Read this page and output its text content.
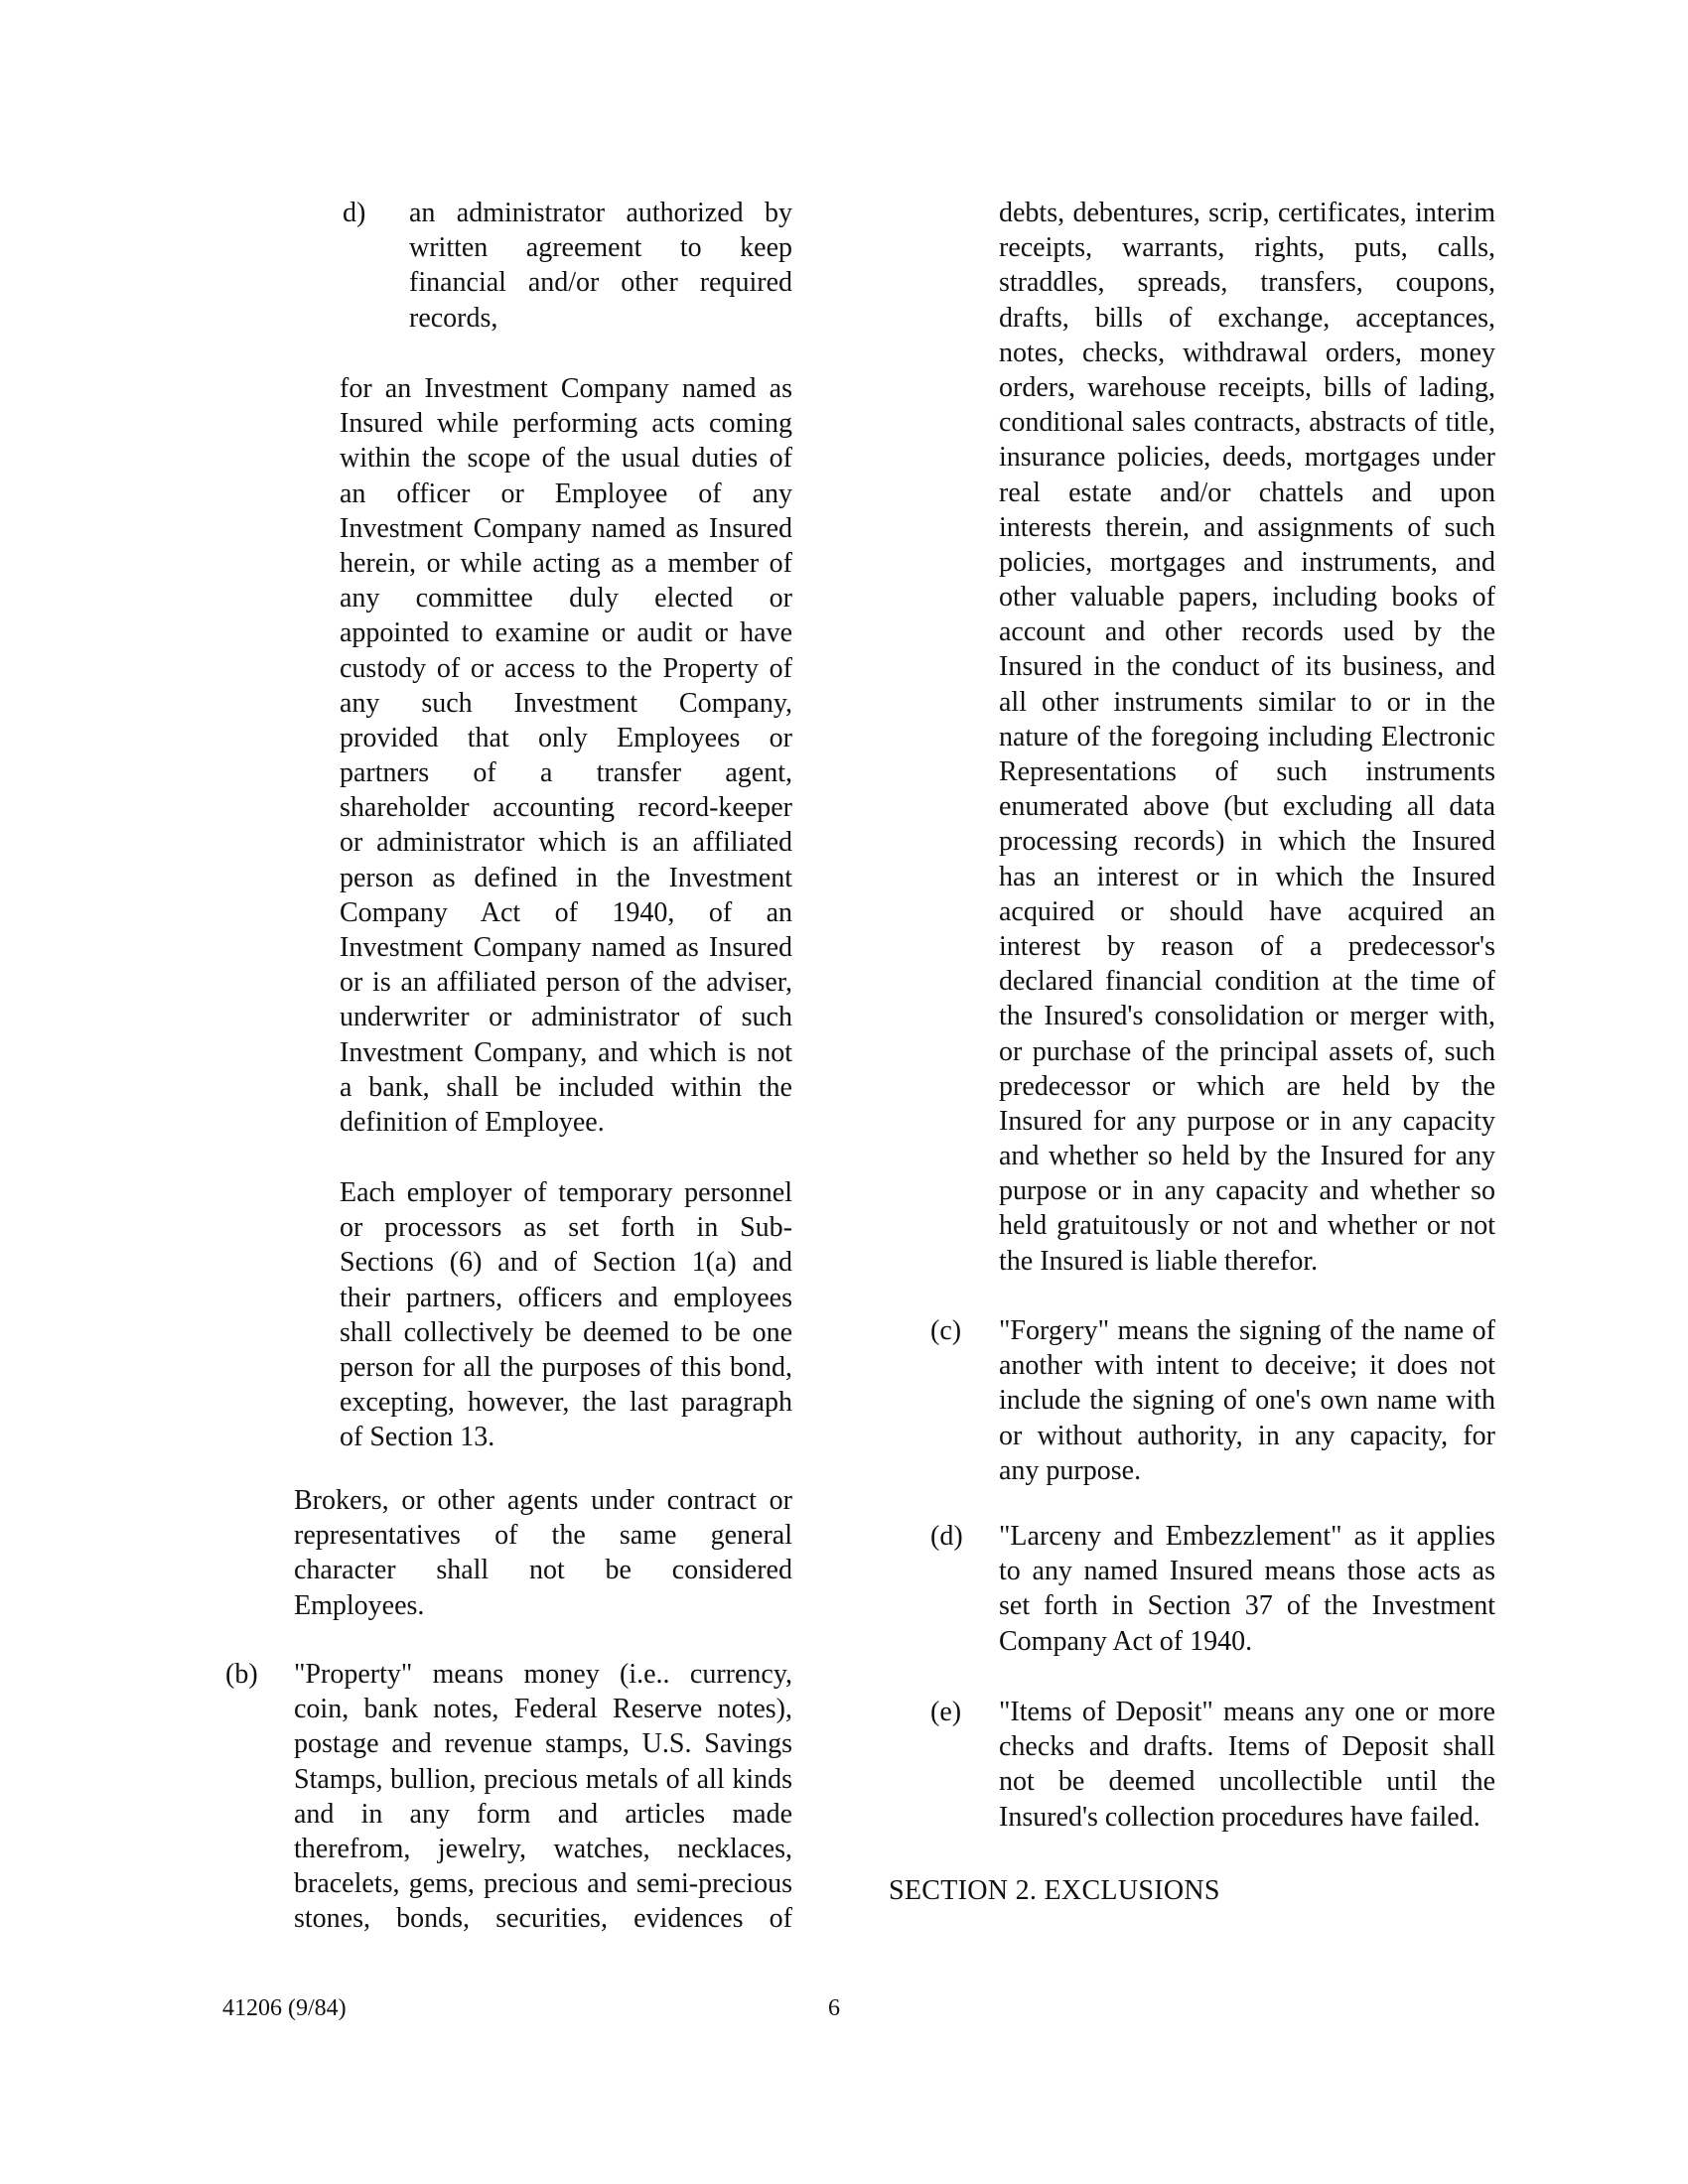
d) an administrator authorized by
written agreement to keep
financial and/or other required
records,
for an Investment Company named as
Insured while performing acts coming
within the scope of the usual duties of
an officer or Employee of any
Investment Company named as Insured
herein, or while acting as a member of
any committee duly elected or
appointed to examine or audit or have
custody of or access to the Property of
any such Investment Company,
provided that only Employees or
partners of a transfer agent,
shareholder accounting record-keeper
or administrator which is an affiliated
person as defined in the Investment
Company Act of 1940, of an
Investment Company named as Insured
or is an affiliated person of the adviser,
underwriter or administrator of such
Investment Company, and which is not
a bank, shall be included within the
definition of Employee.
Each employer of temporary personnel
or processors as set forth in Sub-
Sections (6) and of Section 1(a) and
their partners, officers and employees
shall collectively be deemed to be one
person for all the purposes of this bond,
excepting, however, the last paragraph
of Section 13.
Brokers, or other agents under contract or
representatives of the same general
character shall not be considered
Employees.
(b) "Property" means money (i.e.. currency,
coin, bank notes, Federal Reserve notes),
postage and revenue stamps, U.S. Savings
Stamps, bullion, precious metals of all kinds
and in any form and articles made
therefrom, jewelry, watches, necklaces,
bracelets, gems, precious and semi-precious
stones, bonds, securities, evidences of
debts, debentures, scrip, certificates, interim
receipts, warrants, rights, puts, calls,
straddles, spreads, transfers, coupons,
drafts, bills of exchange, acceptances,
notes, checks, withdrawal orders, money
orders, warehouse receipts, bills of lading,
conditional sales contracts, abstracts of title,
insurance policies, deeds, mortgages under
real estate and/or chattels and upon
interests therein, and assignments of such
policies, mortgages and instruments, and
other valuable papers, including books of
account and other records used by the
Insured in the conduct of its business, and
all other instruments similar to or in the
nature of the foregoing including Electronic
Representations of such instruments
enumerated above (but excluding all data
processing records) in which the Insured
has an interest or in which the Insured
acquired or should have acquired an
interest by reason of a predecessor's
declared financial condition at the time of
the Insured's consolidation or merger with,
or purchase of the principal assets of, such
predecessor or which are held by the
Insured for any purpose or in any capacity
and whether so held by the Insured for any
purpose or in any capacity and whether so
held gratuitously or not and whether or not
the Insured is liable therefor.
(c) "Forgery" means the signing of the name of
another with intent to deceive; it does not
include the signing of one's own name with
or without authority, in any capacity, for
any purpose.
(d) "Larceny and Embezzlement" as it applies
to any named Insured means those acts as
set forth in Section 37 of the Investment
Company Act of 1940.
(e) "Items of Deposit" means any one or more
checks and drafts. Items of Deposit shall
not be deemed uncollectible until the
Insured's collection procedures have failed.
SECTION 2. EXCLUSIONS
41206 (9/84)	6
